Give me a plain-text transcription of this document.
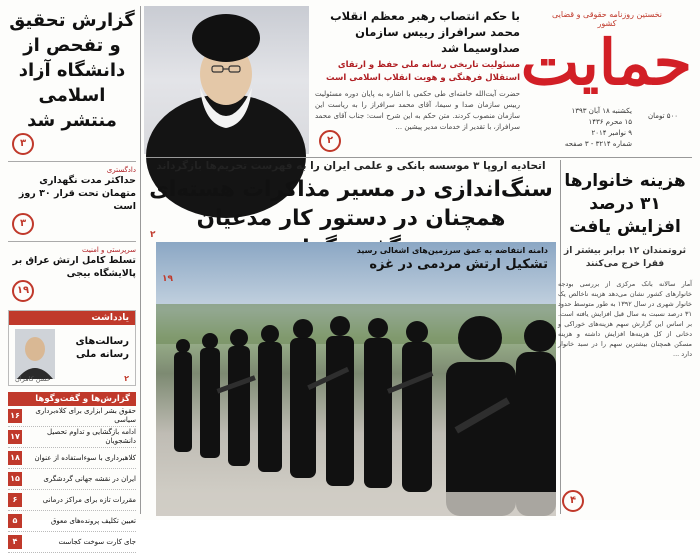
نخستین روزنامه حقوقی و قضایی کشور
حمایت
یکشنبه ۱۸ آبان ۱۳۹۳
۱۵ محرم ۱۴۳۶
۹ نوامبر ۲۰۱۴
شماره ۳۲۱۴ - ۳ صفحه
۵۰۰ تومان
با حکم انتصاب رهبر معظم انقلاب محمد سرافراز رییس سازمان صداوسیما شد
مسئولیت تاریخی رسانه ملی حفظ و ارتقای استقلال فرهنگی و هویت انقلاب اسلامی است
حضرت آیت‌الله خامنه‌ای طی حکمی با اشاره به پایان دوره مسئولیت رییس سازمان صدا و سیما، آقای محمد سرافراز را به ریاست این سازمان منصوب کردند. متن حکم به این شرح است: جناب آقای محمد سرافراز، با تقدیر از خدمات مدیر پیشین ...
۲
گزارش تحقیق و تفحص از دانشگاه آزاد اسلامی منتشر شد
۳
دادگستری
حداکثر مدت نگهداری متهمان تحت قرار ۳۰ روز است
۳
سرپرستی و امنیت
تسلط کامل ارتش عراق بر پالایشگاه بیجی
۱۹
یادداشت
رسالت‌های رسانه ملی
حسن کامران	۲
گزارش‌ها و گفت‌وگوها
حقوق بشر ابزاری برای کلاه‌برداری سیاسی
۱۶
ادامه بازگشایی و تداوم تحصیل دانشجویان
۱۷
کلاهبرداری با سوءاستفاده از عنوان
۱۸
ایران در نقشه جهانی گردشگری
۱۵
مقررات تازه برای مراکز درمانی
۶
تعیین تکلیف پرونده‌های معوق
۵
جای کارت سوخت کجاست
۴
اتحادیه اروپا ۳ موسسه بانکی و علمی ایران را به فهرست تحریم‌ها بازگرداند
سنگ‌اندازی در مسیر مذاکرات هسته‌ای همچنان در دستور کار مدعیان
۲
دامنه انتفاضه به عمق سرزمین‌های اشغالی رسید
تشکیل ارتش مردمی در غزه
۱۹
هزینه خانوارها ۳۱ درصد افزایش یافت
ثروتمندان ۱۲ برابر بیشتر از فقرا خرج می‌کنند
آمار سالانه بانک مرکزی از بررسی بودجه خانوارهای کشور نشان می‌دهد هزینه ناخالص یک خانوار شهری در سال ۱۳۹۲ به طور متوسط حدود ۳۱ درصد نسبت به سال قبل افزایش یافته است. بر اساس این گزارش سهم هزینه‌های خوراکی و دخانی از کل هزینه‌ها افزایش داشته و هزینه مسکن همچنان بیشترین سهم را در سبد خانوار دارد ...
۴
